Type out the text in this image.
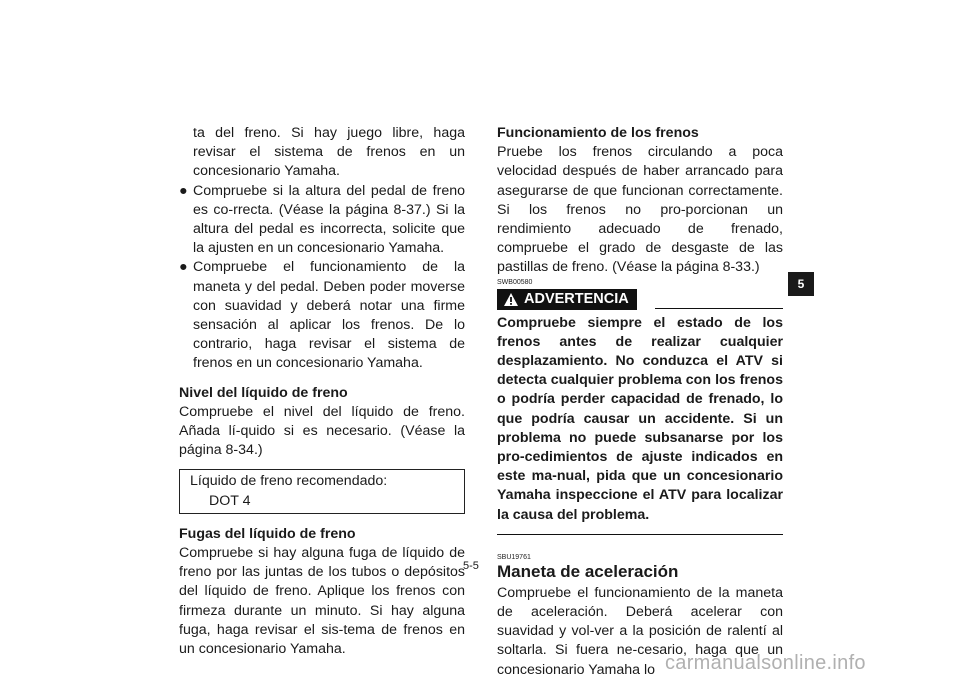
ta del freno. Si hay juego libre, haga revisar el sistema de frenos en un concesionario Yamaha.

● Compruebe si la altura del pedal de freno es co-rrecta. (Véase la página 8-37.) Si la altura del pedal es incorrecta, solicite que la ajusten en un concesionario Yamaha.

● Compruebe el funcionamiento de la maneta y del pedal. Deben poder moverse con suavidad y deberá notar una firme sensación al aplicar los frenos. De lo contrario, haga revisar el sistema de frenos en un concesionario Yamaha.

Nivel del líquido de freno

Compruebe el nivel del líquido de freno. Añada lí-quido si es necesario. (Véase la página 8-34.)

Líquido de freno recomendado:
DOT 4

Fugas del líquido de freno

Compruebe si hay alguna fuga de líquido de freno por las juntas de los tubos o depósitos del líquido de freno. Aplique los frenos con firmeza durante un minuto. Si hay alguna fuga, haga revisar el sis-tema de frenos en un concesionario Yamaha.

Funcionamiento de los frenos

Pruebe los frenos circulando a poca velocidad después de haber arrancado para asegurarse de que funcionan correctamente. Si los frenos no pro-porcionan un rendimiento adecuado de frenado, compruebe el grado de desgaste de las pastillas de freno. (Véase la página 8-33.)

SWB00580

ADVERTENCIA

Compruebe siempre el estado de los frenos antes de realizar cualquier desplazamiento. No conduzca el ATV si detecta cualquier problema con los frenos o podría perder capacidad de frenado, lo que podría causar un accidente. Si un problema no puede subsanarse por los pro-cedimientos de ajuste indicados en este ma-nual, pida que un concesionario Yamaha inspeccione el ATV para localizar la causa del problema.

SBU19761

Maneta de aceleración

Compruebe el funcionamiento de la maneta de aceleración. Deberá acelerar con suavidad y vol-ver a la posición de ralentí al soltarla. Si fuera ne-cesario, haga que un concesionario Yamaha lo

5
5-5
carmanualsonline.info
